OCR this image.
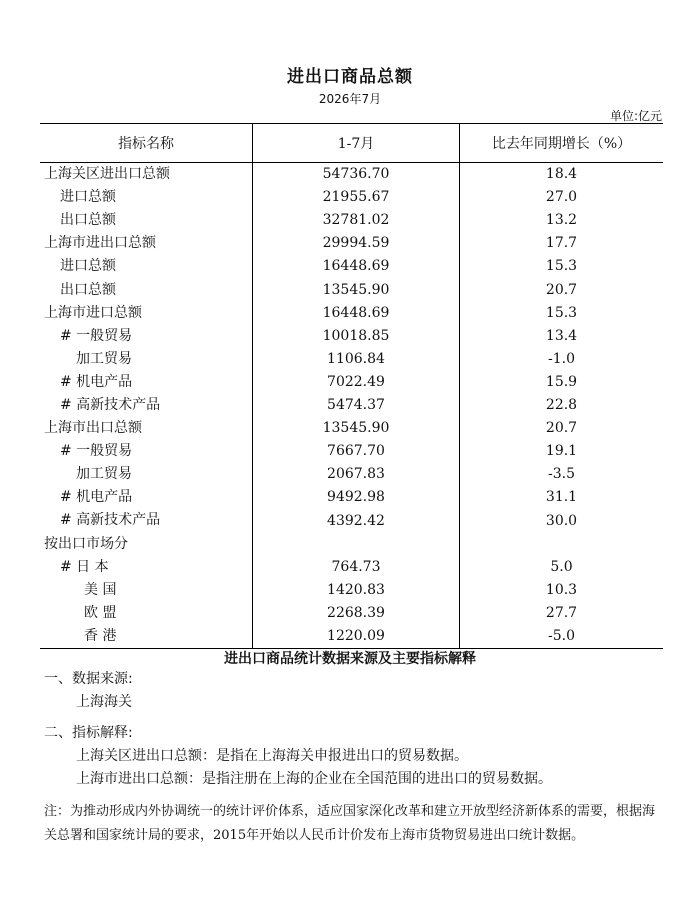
进出口商品总额
2026年7月
单位:亿元
指标名称	1-7月	比去年同期增长（%）
上海关区进出口总额	54736.70	18.4
进口总额	21955.67	27.0
出口总额	32781.02	13.2
上海市进出口总额	29994.59	17.7
进口总额	16448.69	15.3
出口总额	13545.90	20.7
上海市进口总额	16448.69	15.3
# 一般贸易	10018.85	13.4
加工贸易	1106.84	-1.0
# 机电产品	7022.49	15.9
# 高新技术产品	5474.37	22.8
上海市出口总额	13545.90	20.7
# 一般贸易	7667.70	19.1
加工贸易	2067.83	-3.5
# 机电产品	9492.98	31.1
# 高新技术产品	4392.42	30.0
按出口市场分		
# 日 本	764.73	5.0
美 国	1420.83	10.3
欧 盟	2268.39	27.7
香 港	1220.09	-5.0
进出口商品统计数据来源及主要指标解释
一、数据来源:
上海海关
二、指标解释:
上海关区进出口总额：是指在上海海关申报进出口的贸易数据。
上海市进出口总额：是指注册在上海的企业在全国范围的进出口的贸易数据。
注：为推动形成内外协调统一的统计评价体系，适应国家深化改革和建立开放型经济新体系的需要，根据海关总署和国家统计局的要求，2015年开始以人民币计价发布上海市货物贸易进出口统计数据。
